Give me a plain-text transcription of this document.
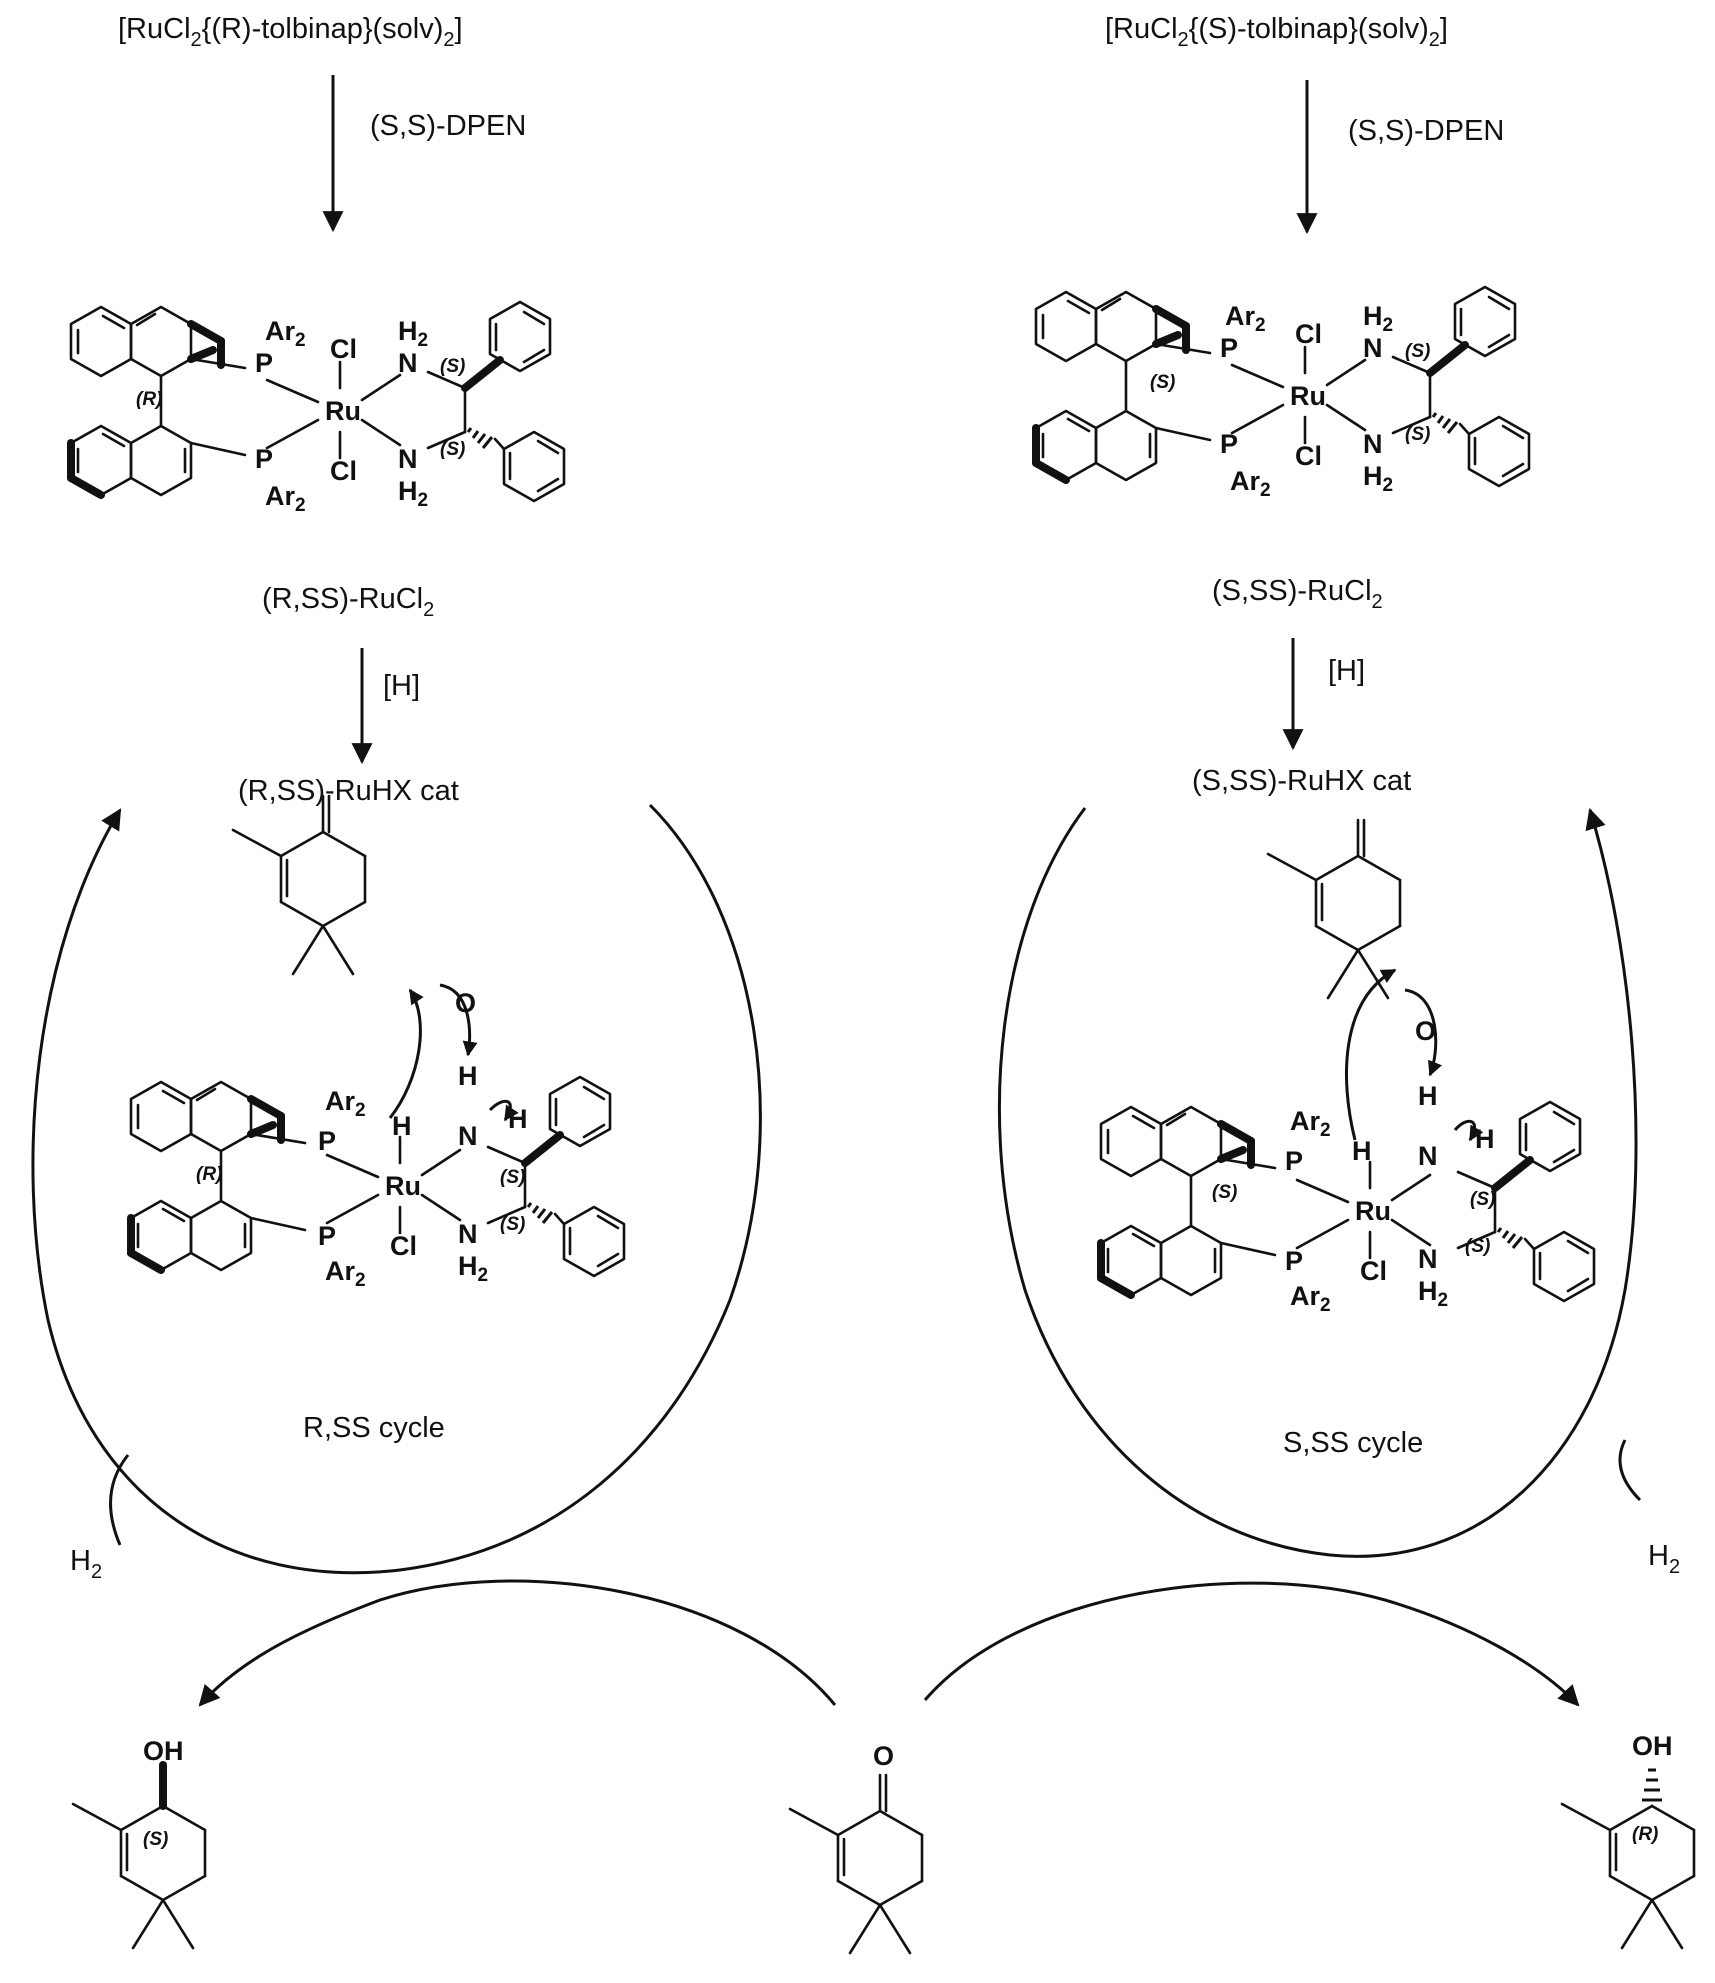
$[RuCl_2\{(R)-tolbinap\}(solv)_2]$
(S,S)-DPEN
Ru
Cl
Cl
P
$Ar_2$
P
$Ar_2$
N
$H_2$
N
$H_2$
(S)
(S)
(R)
(R,SS)-RuCl$_2$
[H]
(R,SS)-RuHX cat
$H_2$
Ru
Cl
H N
H
H
O
P
P
$Ar_2$
$Ar_2$
N
$H_2$
(S)
(S)
(R)
R,SS cycle
$[RuCl_2\{(S)-tolbinap\}(solv)_2]$
(S,S)-DPEN
Ru
Cl
Cl
P
$Ar_2$
P
$Ar_2$
N
$H_2$
N
$H_2$
(S)
(S)
(S)
(S,SS)-RuCl$_2$
[H]
(S,SS)-RuHX cat
$H_2$
Ru
Cl
H N
H
H
O
P
P
$Ar_2$
$Ar_2$
N
$H_2$
(S)
(S)
(S)
S,SS cycle
O
OH
(S)
OH
(R)
